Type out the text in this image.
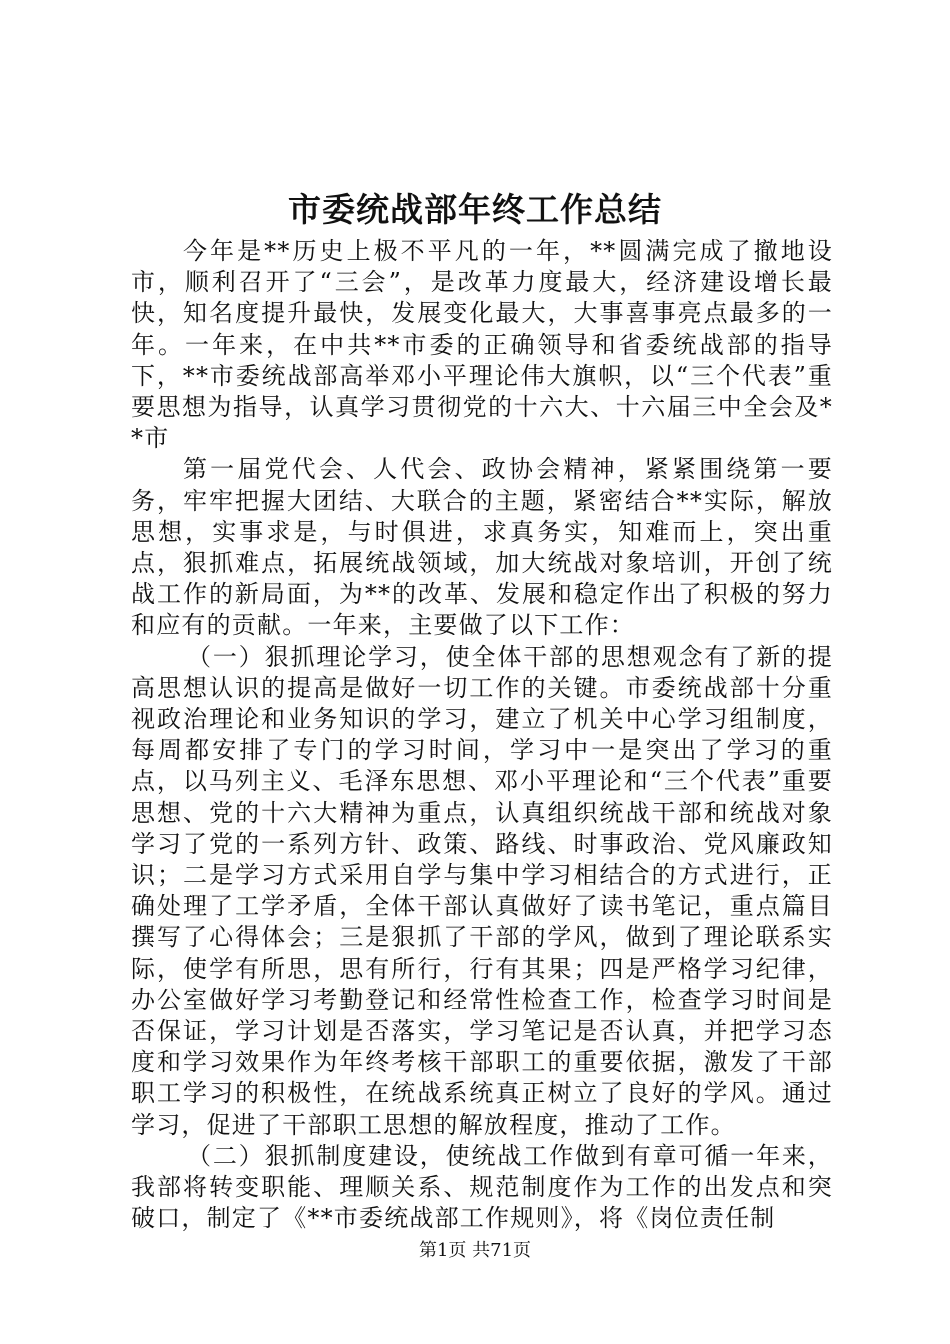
市委统战部年终工作总结

今年是**历史上极不平凡的一年，**圆满完成了撤地设市，顺利召开了“三会”，是改革力度最大，经济建设增长最快，知名度提升最快，发展变化最大，大事喜事亮点最多的一年。一年来，在中共**市委的正确领导和省委统战部的指导下，**市委统战部高举邓小平理论伟大旗帜，以“三个代表”重要思想为指导，认真学习贯彻党的十六大、十六届三中全会及**市

第一届党代会、人代会、政协会精神，紧紧围绕第一要务，牢牢把握大团结、大联合的主题，紧密结合**实际，解放思想，实事求是，与时俱进，求真务实，知难而上，突出重点，狠抓难点，拓展统战领域，加大统战对象培训，开创了统战工作的新局面，为**的改革、发展和稳定作出了积极的努力和应有的贡献。一年来，主要做了以下工作：

（一）狠抓理论学习，使全体干部的思想观念有了新的提高思想认识的提高是做好一切工作的关键。市委统战部十分重视政治理论和业务知识的学习，建立了机关中心学习组制度，每周都安排了专门的学习时间，学习中一是突出了学习的重点，以马列主义、毛泽东思想、邓小平理论和“三个代表”重要思想、党的十六大精神为重点，认真组织统战干部和统战对象学习了党的一系列方针、政策、路线、时事政治、党风廉政知识；二是学习方式采用自学与集中学习相结合的方式进行，正确处理了工学矛盾，全体干部认真做好了读书笔记，重点篇目撰写了心得体会；三是狠抓了干部的学风，做到了理论联系实际，使学有所思，思有所行，行有其果；四是严格学习纪律，办公室做好学习考勤登记和经常性检查工作，检查学习时间是否保证，学习计划是否落实，学习笔记是否认真，并把学习态度和学习效果作为年终考核干部职工的重要依据，激发了干部职工学习的积极性，在统战系统真正树立了良好的学风。通过学习，促进了干部职工思想的解放程度，推动了工作。

（二）狠抓制度建设，使统战工作做到有章可循一年来，我部将转变职能、理顺关系、规范制度作为工作的出发点和突破口，制定了《**市委统战部工作规则》，将《岗位责任制

第1页 共71页
